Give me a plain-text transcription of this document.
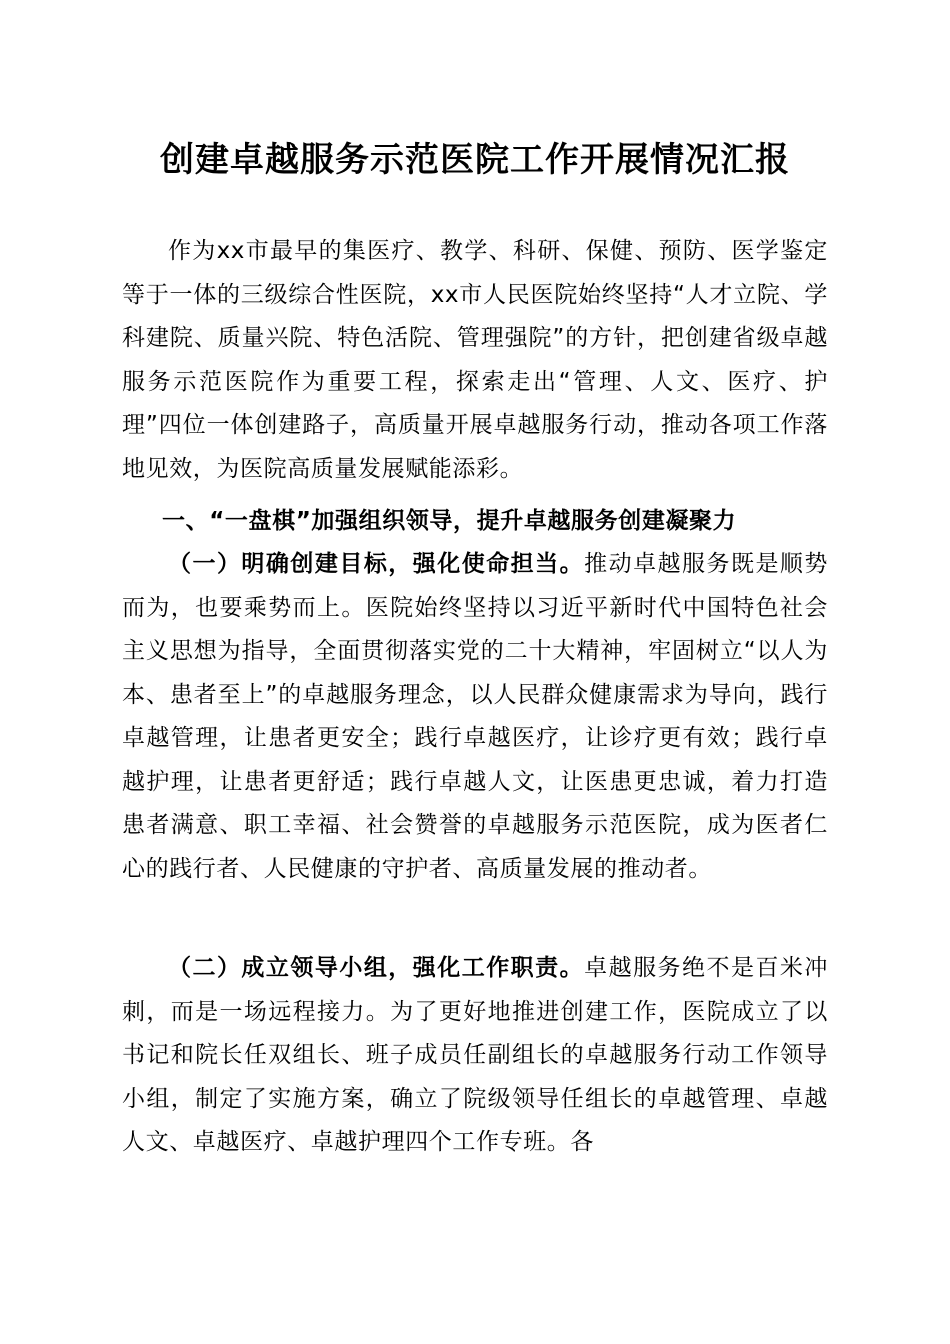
创建卓越服务示范医院工作开展情况汇报

作为xx市最早的集医疗、教学、科研、保健、预防、医学鉴定等于一体的三级综合性医院，xx市人民医院始终坚持“人才立院、学科建院、质量兴院、特色活院、管理强院”的方针，把创建省级卓越服务示范医院作为重要工程，探索走出“管理、人文、医疗、护理”四位一体创建路子，高质量开展卓越服务行动，推动各项工作落地见效，为医院高质量发展赋能添彩。

一、“一盘棋”加强组织领导，提升卓越服务创建凝聚力

（一）明确创建目标，强化使命担当。推动卓越服务既是顺势而为，也要乘势而上。医院始终坚持以习近平新时代中国特色社会主义思想为指导，全面贯彻落实党的二十大精神，牢固树立“以人为本、患者至上”的卓越服务理念，以人民群众健康需求为导向，践行卓越管理，让患者更安全；践行卓越医疗，让诊疗更有效；践行卓越护理，让患者更舒适；践行卓越人文，让医患更忠诚，着力打造患者满意、职工幸福、社会赞誉的卓越服务示范医院，成为医者仁心的践行者、人民健康的守护者、高质量发展的推动者。

（二）成立领导小组，强化工作职责。卓越服务绝不是百米冲刺，而是一场远程接力。为了更好地推进创建工作，医院成立了以书记和院长任双组长、班子成员任副组长的卓越服务行动工作领导小组，制定了实施方案，确立了院级领导任组长的卓越管理、卓越人文、卓越医疗、卓越护理四个工作专班。各
